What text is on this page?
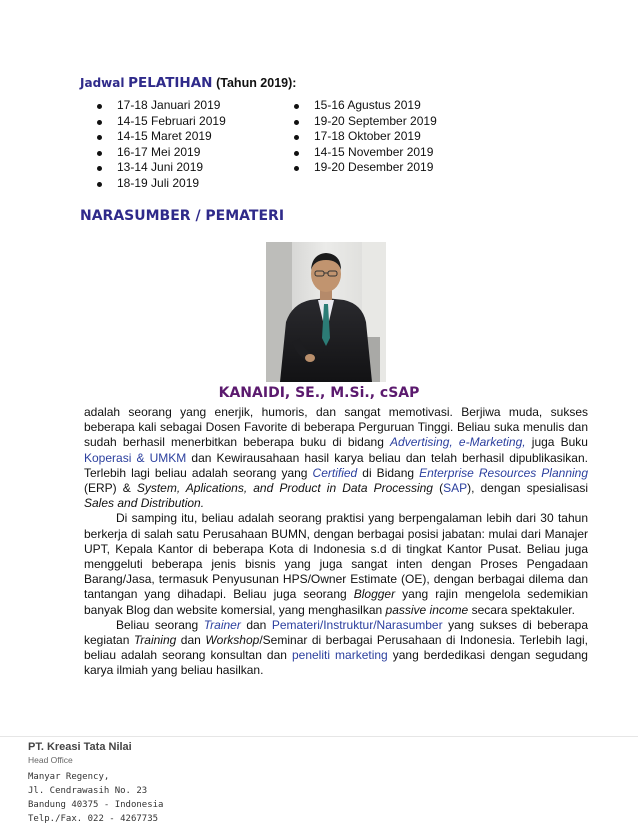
Jadwal PELATIHAN (Tahun 2019):
17-18 Januari 2019
14-15 Februari 2019
14-15 Maret 2019
16-17 Mei 2019
13-14 Juni 2019
18-19 Juli 2019
15-16 Agustus 2019
19-20 September 2019
17-18 Oktober 2019
14-15 November 2019
19-20 Desember 2019
NARASUMBER / PEMATERI
KANAIDI, SE., M.Si., cSAP

adalah seorang yang enerjik, humoris, dan sangat memotivasi. Berjiwa muda, sukses beberapa kali sebagai Dosen Favorite di beberapa Perguruan Tinggi. Beliau suka menulis dan sudah berhasil menerbitkan beberapa buku di bidang Advertising, e-Marketing, juga Buku Koperasi & UMKM dan Kewirausahaan hasil karya beliau dan telah berhasil dipublikasikan. Terlebih lagi beliau adalah seorang yang Certified di Bidang Enterprise Resources Planning (ERP) & System, Aplications, and Product in Data Processing (SAP), dengan spesialisasi Sales and Distribution.

Di samping itu, beliau adalah seorang praktisi yang berpengalaman lebih dari 30 tahun berkerja di salah satu Perusahaan BUMN, dengan berbagai posisi jabatan: mulai dari Manajer UPT, Kepala Kantor di beberapa Kota di Indonesia s.d di tingkat Kantor Pusat. Beliau juga menggeluti beberapa jenis bisnis yang juga sangat inten dengan Proses Pengadaan Barang/Jasa, termasuk Penyusunan HPS/Owner Estimate (OE), dengan berbagai dilema dan tantangan yang dihadapi. Beliau juga seorang Blogger yang rajin mengelola sedemikian banyak Blog dan website komersial, yang menghasilkan passive income secara spektakuler.

Beliau seorang Trainer dan Pemateri/Instruktur/Narasumber yang sukses di beberapa kegiatan Training dan Workshop/Seminar di berbagai Perusahaan di Indonesia. Terlebih lagi, beliau adalah seorang konsultan dan peneliti marketing yang berdedikasi dengan segudang karya ilmiah yang beliau hasilkan.

PT. Kreasi Tata Nilai
Head Office
Manyar Regency,
Jl. Cendrawasih No. 23
Bandung 40375 - Indonesia
Telp./Fax. 022 - 4267735
